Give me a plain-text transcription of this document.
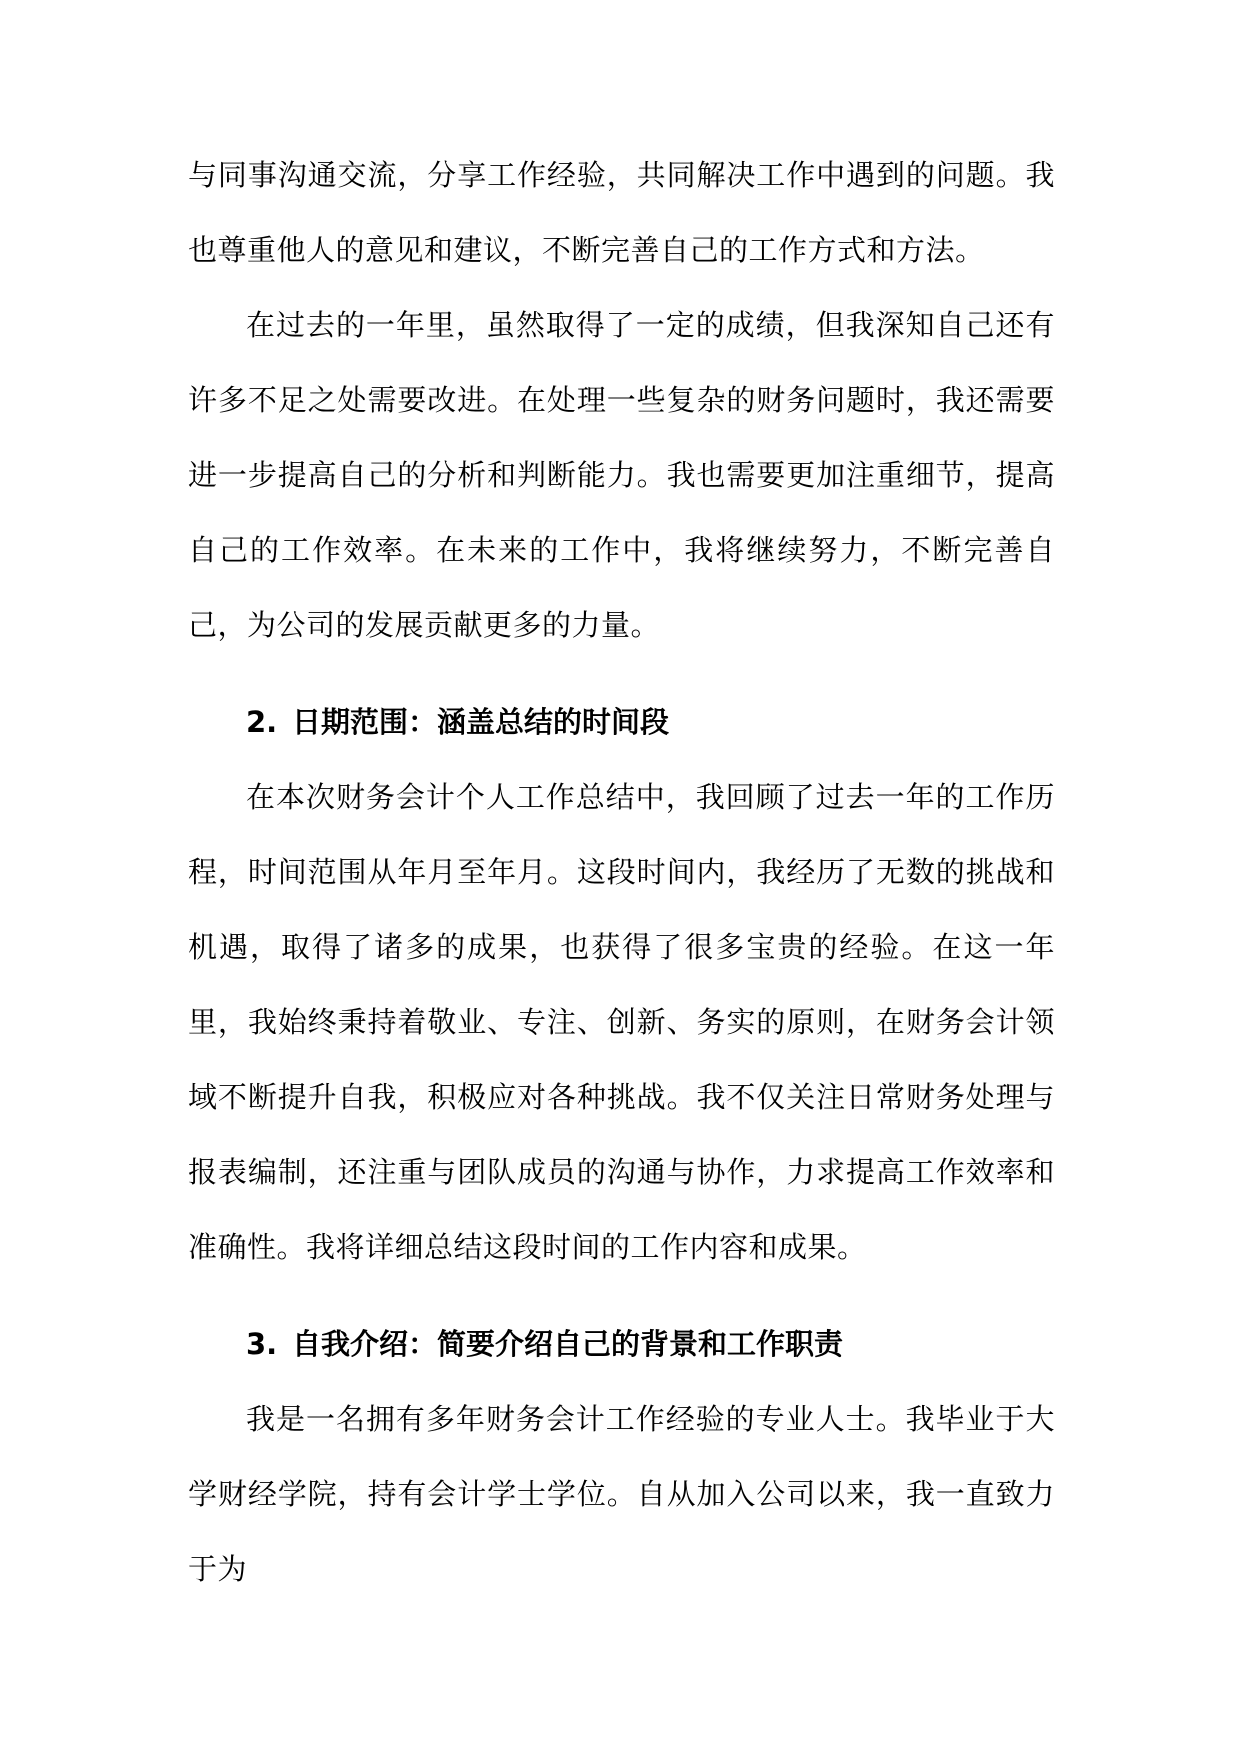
与同事沟通交流，分享工作经验，共同解决工作中遇到的问题。我也尊重他人的意见和建议，不断完善自己的工作方式和方法。

在过去的一年里，虽然取得了一定的成绩，但我深知自己还有许多不足之处需要改进。在处理一些复杂的财务问题时，我还需要进一步提高自己的分析和判断能力。我也需要更加注重细节，提高自己的工作效率。在未来的工作中，我将继续努力，不断完善自己，为公司的发展贡献更多的力量。

2. 日期范围：涵盖总结的时间段

在本次财务会计个人工作总结中，我回顾了过去一年的工作历程，时间范围从年月至年月。这段时间内，我经历了无数的挑战和机遇，取得了诸多的成果，也获得了很多宝贵的经验。在这一年里，我始终秉持着敬业、专注、创新、务实的原则，在财务会计领域不断提升自我，积极应对各种挑战。我不仅关注日常财务处理与报表编制，还注重与团队成员的沟通与协作，力求提高工作效率和准确性。我将详细总结这段时间的工作内容和成果。

3. 自我介绍：简要介绍自己的背景和工作职责

我是一名拥有多年财务会计工作经验的专业人士。我毕业于大学财经学院，持有会计学士学位。自从加入公司以来，我一直致力于为
